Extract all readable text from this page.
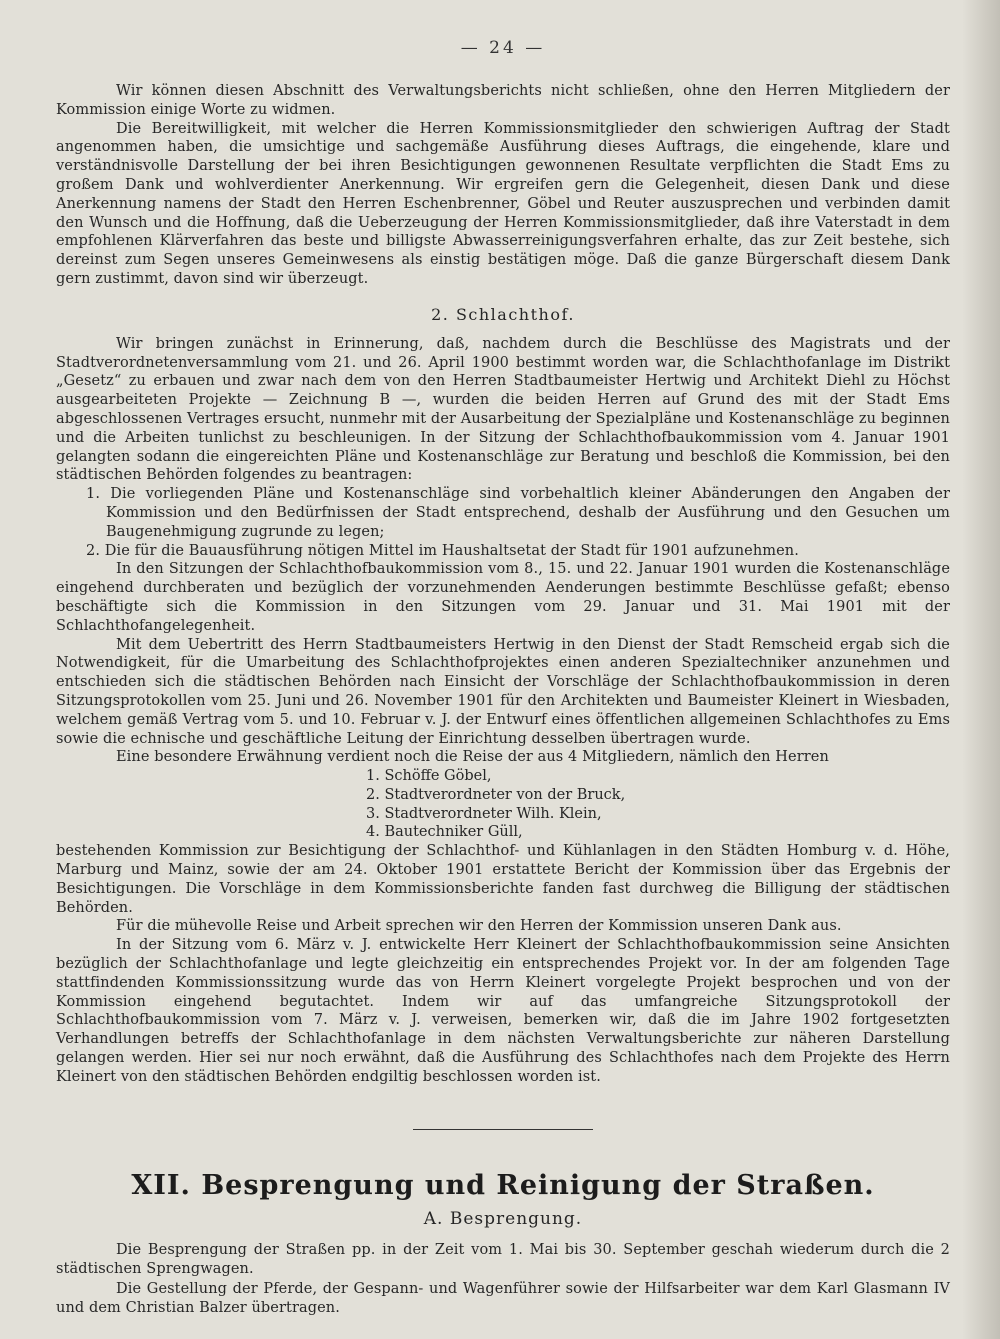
— 24 —

Wir können diesen Abschnitt des Verwaltungsberichts nicht schließen, ohne den Herren Mitgliedern der Kommission einige Worte zu widmen.

Die Bereitwilligkeit, mit welcher die Herren Kommissionsmitglieder den schwierigen Auftrag der Stadt angenommen haben, die umsichtige und sachgemäße Ausführung dieses Auftrags, die eingehende, klare und verständnisvolle Darstellung der bei ihren Besichtigungen gewonnenen Resultate verpflichten die Stadt Ems zu großem Dank und wohlverdienter Anerkennung. Wir ergreifen gern die Gelegenheit, diesen Dank und diese Anerkennung namens der Stadt den Herren Eschenbrenner, Göbel und Reuter auszusprechen und verbinden damit den Wunsch und die Hoffnung, daß die Ueberzeugung der Herren Kommissionsmitglieder, daß ihre Vaterstadt in dem empfohlenen Klärverfahren das beste und billigste Abwasserreinigungsverfahren erhalte, das zur Zeit bestehe, sich dereinst zum Segen unseres Gemeinwesens als einstig bestätigen möge. Daß die ganze Bürgerschaft diesem Dank gern zustimmt, davon sind wir überzeugt.

2. Schlachthof.

Wir bringen zunächst in Erinnerung, daß, nachdem durch die Beschlüsse des Magistrats und der Stadtverordnetenversammlung vom 21. und 26. April 1900 bestimmt worden war, die Schlachthofanlage im Distrikt „Gesetz“ zu erbauen und zwar nach dem von den Herren Stadtbaumeister Hertwig und Architekt Diehl zu Höchst ausgearbeiteten Projekte — Zeichnung B —, wurden die beiden Herren auf Grund des mit der Stadt Ems abgeschlossenen Vertrages ersucht, nunmehr mit der Ausarbeitung der Spezialpläne und Kostenanschläge zu beginnen und die Arbeiten tunlichst zu beschleunigen. In der Sitzung der Schlachthofbaukommission vom 4. Januar 1901 gelangten sodann die eingereichten Pläne und Kostenanschläge zur Beratung und beschloß die Kommission, bei den städtischen Behörden folgendes zu beantragen:

1. Die vorliegenden Pläne und Kostenanschläge sind vorbehaltlich kleiner Abänderungen den Angaben der Kommission und den Bedürfnissen der Stadt entsprechend, deshalb der Ausführung und den Gesuchen um Baugenehmigung zugrunde zu legen;

2. Die für die Bauausführung nötigen Mittel im Haushaltsetat der Stadt für 1901 aufzunehmen.

In den Sitzungen der Schlachthofbaukommission vom 8., 15. und 22. Januar 1901 wurden die Kostenanschläge eingehend durchberaten und bezüglich der vorzunehmenden Aenderungen bestimmte Beschlüsse gefaßt; ebenso beschäftigte sich die Kommission in den Sitzungen vom 29. Januar und 31. Mai 1901 mit der Schlachthofangelegenheit.

Mit dem Uebertritt des Herrn Stadtbaumeisters Hertwig in den Dienst der Stadt Remscheid ergab sich die Notwendigkeit, für die Umarbeitung des Schlachthofprojektes einen anderen Spezialtechniker anzunehmen und entschieden sich die städtischen Behörden nach Einsicht der Vorschläge der Schlachthofbaukommission in deren Sitzungsprotokollen vom 25. Juni und 26. November 1901 für den Architekten und Baumeister Kleinert in Wiesbaden, welchem gemäß Vertrag vom 5. und 10. Februar v. J. der Entwurf eines öffentlichen allgemeinen Schlachthofes zu Ems sowie die echnische und geschäftliche Leitung der Einrichtung desselben übertragen wurde.

Eine besondere Erwähnung verdient noch die Reise der aus 4 Mitgliedern, nämlich den Herren

1. Schöffe Göbel,
2. Stadtverordneter von der Bruck,
3. Stadtverordneter Wilh. Klein,
4. Bautechniker Güll,

bestehenden Kommission zur Besichtigung der Schlachthof- und Kühlanlagen in den Städten Homburg v. d. Höhe, Marburg und Mainz, sowie der am 24. Oktober 1901 erstattete Bericht der Kommission über das Ergebnis der Besichtigungen. Die Vorschläge in dem Kommissionsberichte fanden fast durchweg die Billigung der städtischen Behörden.

Für die mühevolle Reise und Arbeit sprechen wir den Herren der Kommission unseren Dank aus.

In der Sitzung vom 6. März v. J. entwickelte Herr Kleinert der Schlachthofbaukommission seine Ansichten bezüglich der Schlachthofanlage und legte gleichzeitig ein entsprechendes Projekt vor. In der am folgenden Tage stattfindenden Kommissionssitzung wurde das von Herrn Kleinert vorgelegte Projekt besprochen und von der Kommission eingehend begutachtet. Indem wir auf das umfangreiche Sitzungsprotokoll der Schlachthofbaukommission vom 7. März v. J. verweisen, bemerken wir, daß die im Jahre 1902 fortgesetzten Verhandlungen betreffs der Schlachthofanlage in dem nächsten Verwaltungsberichte zur näheren Darstellung gelangen werden. Hier sei nur noch erwähnt, daß die Ausführung des Schlachthofes nach dem Projekte des Herrn Kleinert von den städtischen Behörden endgiltig beschlossen worden ist.

XII. Besprengung und Reinigung der Straßen.
A. Besprengung.

Die Besprengung der Straßen pp. in der Zeit vom 1. Mai bis 30. September geschah wiederum durch die 2 städtischen Sprengwagen.

Die Gestellung der Pferde, der Gespann- und Wagenführer sowie der Hilfsarbeiter war dem Karl Glasmann IV und dem Christian Balzer übertragen.
